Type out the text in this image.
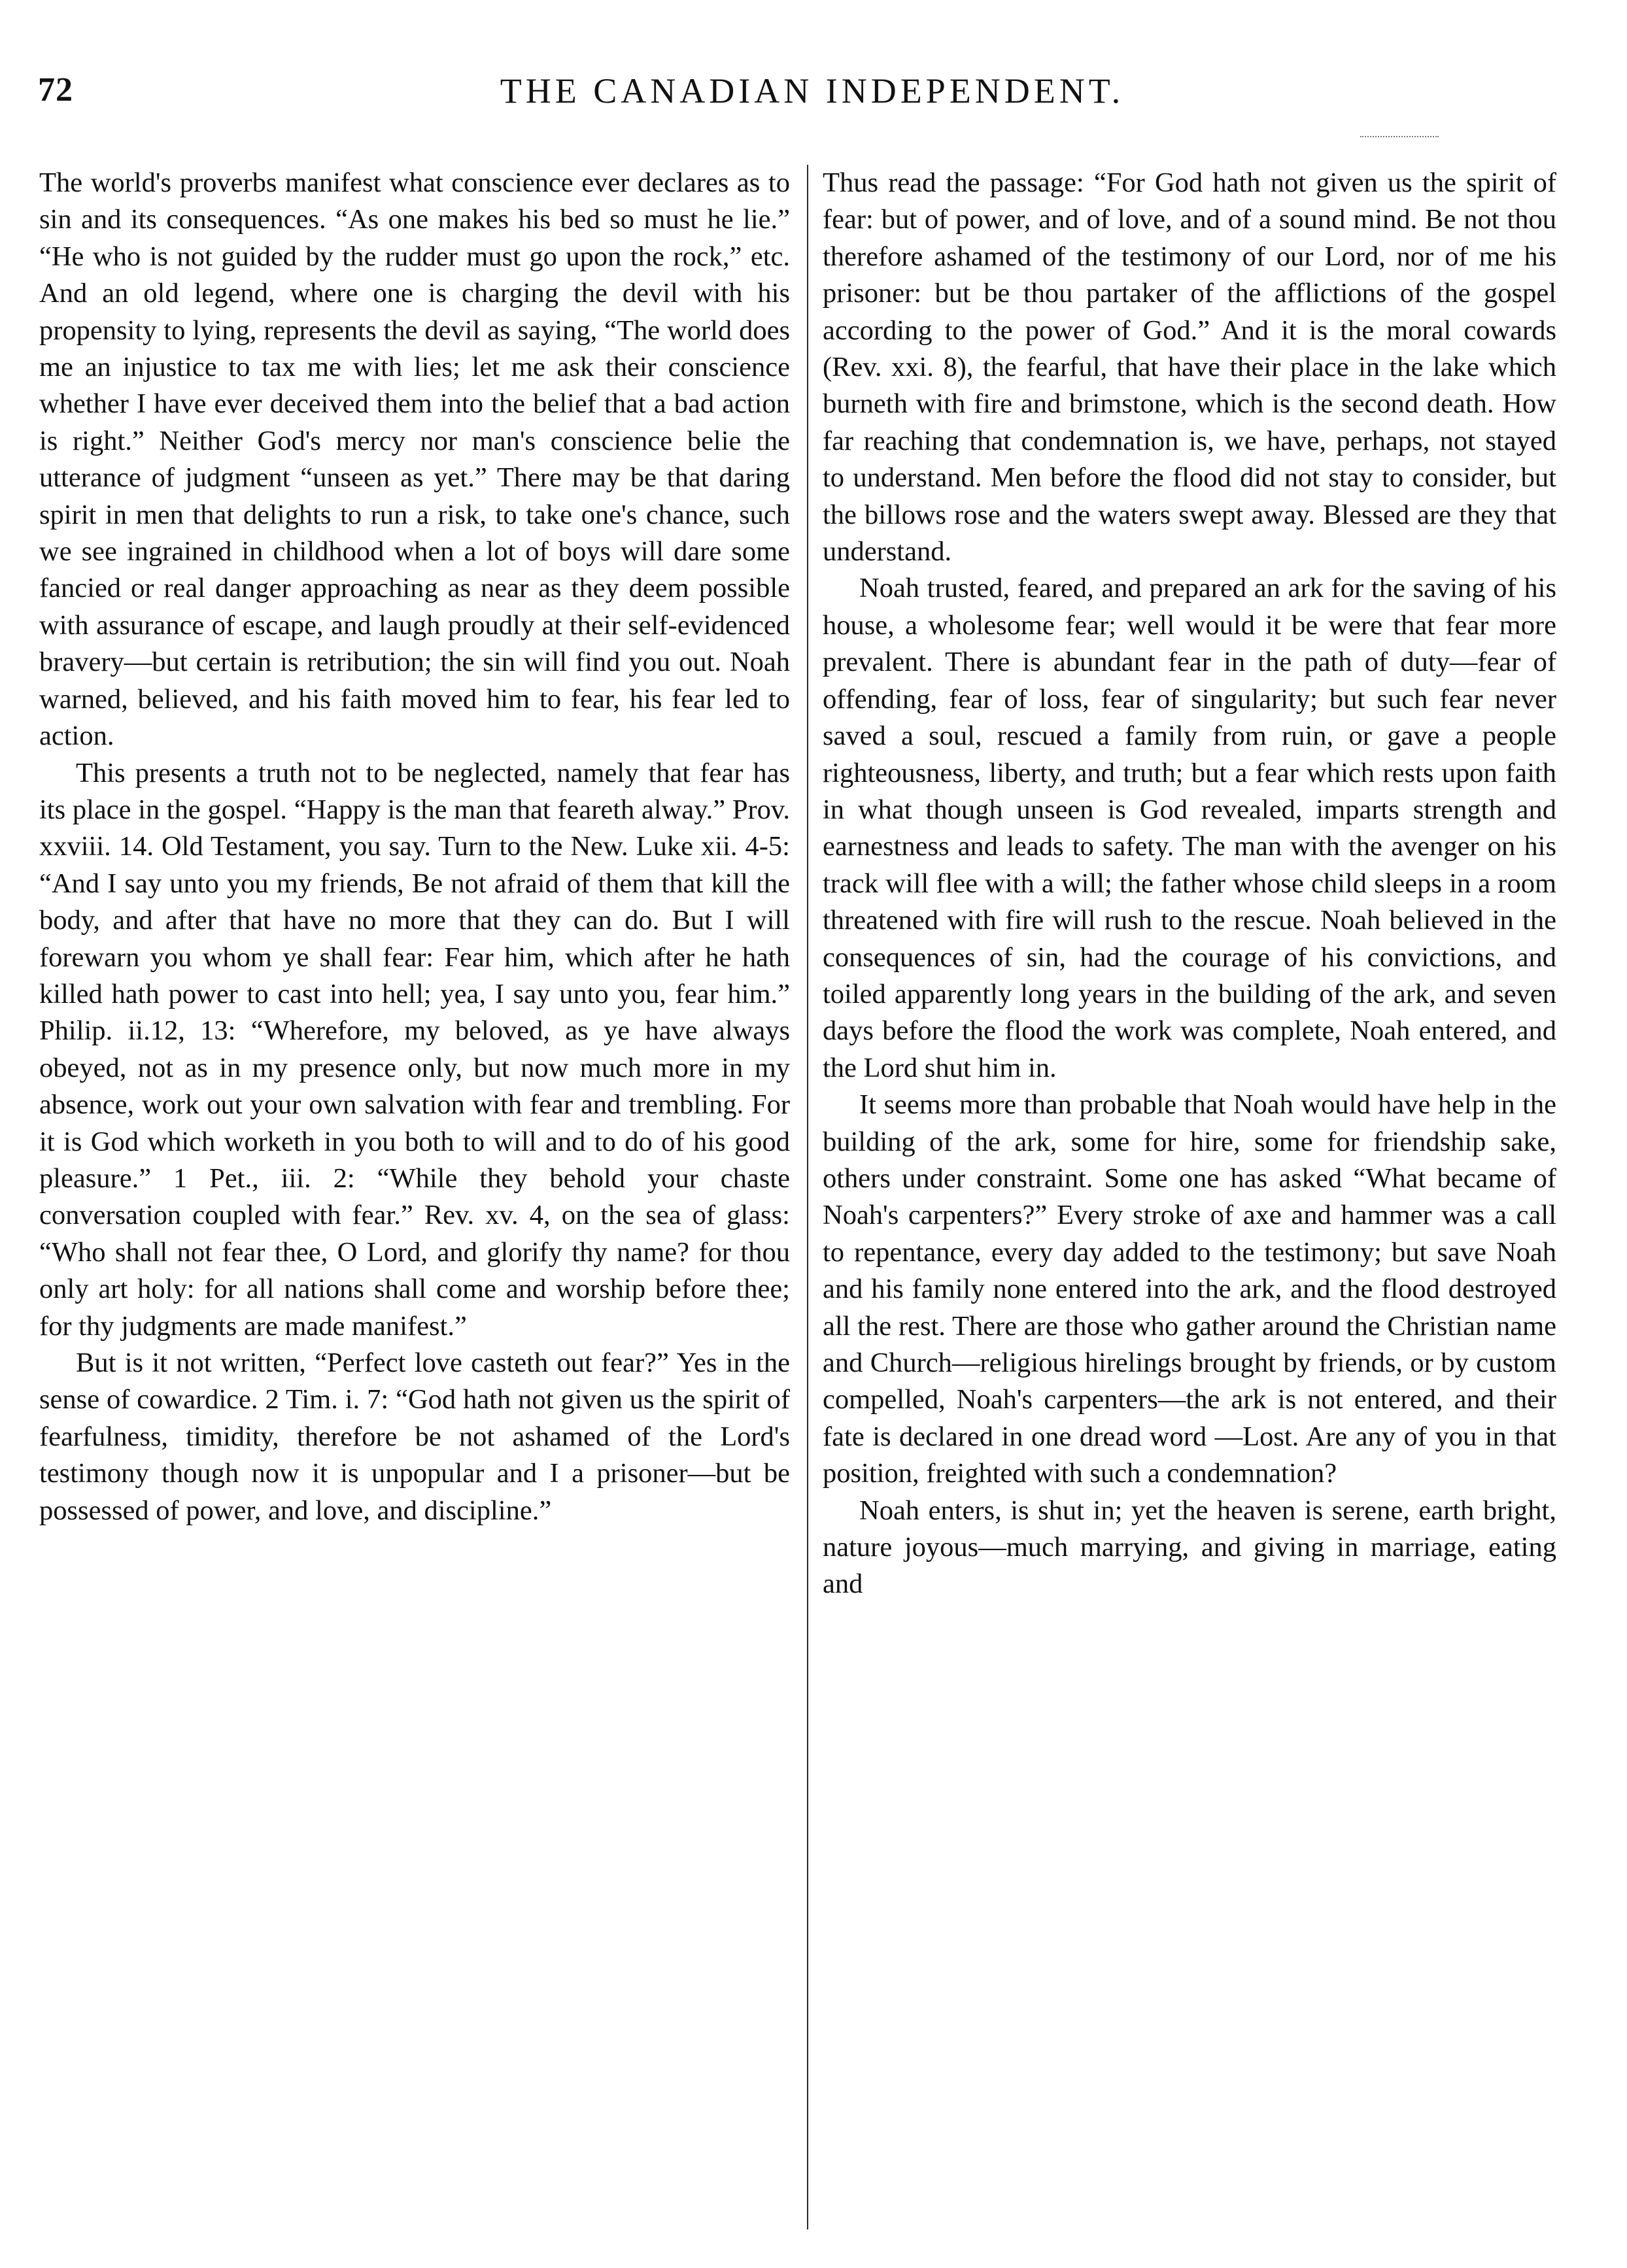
72	THE CANADIAN INDEPENDENT.

The world's proverbs manifest what conscience ever declares as to sin and its consequences. “As one makes his bed so must he lie.” “He who is not guided by the rudder must go upon the rock,” etc. And an old legend, where one is charging the devil with his propensity to lying, represents the devil as saying, “The world does me an injustice to tax me with lies; let me ask their conscience whether I have ever deceived them into the belief that a bad action is right.” Neither God's mercy nor man's conscience belie the utterance of judgment “unseen as yet.” There may be that daring spirit in men that delights to run a risk, to take one's chance, such we see ingrained in childhood when a lot of boys will dare some fancied or real danger approaching as near as they deem possible with assurance of escape, and laugh proudly at their self-evidenced bravery—but certain is retribution; the sin will find you out. Noah warned, believed, and his faith moved him to fear, his fear led to action.

This presents a truth not to be neglected, namely that fear has its place in the gospel. “Happy is the man that feareth alway.” Prov. xxviii. 14. Old Testament, you say. Turn to the New. Luke xii. 4-5: “And I say unto you my friends, Be not afraid of them that kill the body, and after that have no more that they can do. But I will forewarn you whom ye shall fear: Fear him, which after he hath killed hath power to cast into hell; yea, I say unto you, fear him.” Philip. ii.12, 13: “Wherefore, my beloved, as ye have always obeyed, not as in my presence only, but now much more in my absence, work out your own salvation with fear and trembling. For it is God which worketh in you both to will and to do of his good pleasure.” 1 Pet., iii. 2: “While they behold your chaste conversation coupled with fear.” Rev. xv. 4, on the sea of glass: “Who shall not fear thee, O Lord, and glorify thy name? for thou only art holy: for all nations shall come and worship before thee; for thy judgments are made manifest.”

But is it not written, “Perfect love casteth out fear?” Yes in the sense of cowardice. 2 Tim. i. 7: “God hath not given us the spirit of fearfulness, timidity, therefore be not ashamed of the Lord's testimony though now it is unpopular and I a prisoner—but be possessed of power, and love, and discipline.”

Thus read the passage: “For God hath not given us the spirit of fear: but of power, and of love, and of a sound mind. Be not thou therefore ashamed of the testimony of our Lord, nor of me his prisoner: but be thou partaker of the afflictions of the gospel according to the power of God.” And it is the moral cowards (Rev. xxi. 8), the fearful, that have their place in the lake which burneth with fire and brimstone, which is the second death. How far reaching that condemnation is, we have, perhaps, not stayed to understand. Men before the flood did not stay to consider, but the billows rose and the waters swept away. Blessed are they that understand.

Noah trusted, feared, and prepared an ark for the saving of his house, a wholesome fear; well would it be were that fear more prevalent. There is abundant fear in the path of duty—fear of offending, fear of loss, fear of singularity; but such fear never saved a soul, rescued a family from ruin, or gave a people righteousness, liberty, and truth; but a fear which rests upon faith in what though unseen is God revealed, imparts strength and earnestness and leads to safety. The man with the avenger on his track will flee with a will; the father whose child sleeps in a room threatened with fire will rush to the rescue. Noah believed in the consequences of sin, had the courage of his convictions, and toiled apparently long years in the building of the ark, and seven days before the flood the work was complete, Noah entered, and the Lord shut him in.

It seems more than probable that Noah would have help in the building of the ark, some for hire, some for friendship sake, others under constraint. Some one has asked “What became of Noah's carpenters?” Every stroke of axe and hammer was a call to repentance, every day added to the testimony; but save Noah and his family none entered into the ark, and the flood destroyed all the rest. There are those who gather around the Christian name and Church—religious hirelings brought by friends, or by custom compelled, Noah's carpenters—the ark is not entered, and their fate is declared in one dread word —Lost. Are any of you in that position, freighted with such a condemnation?

Noah enters, is shut in; yet the heaven is serene, earth bright, nature joyous—much marrying, and giving in marriage, eating and
